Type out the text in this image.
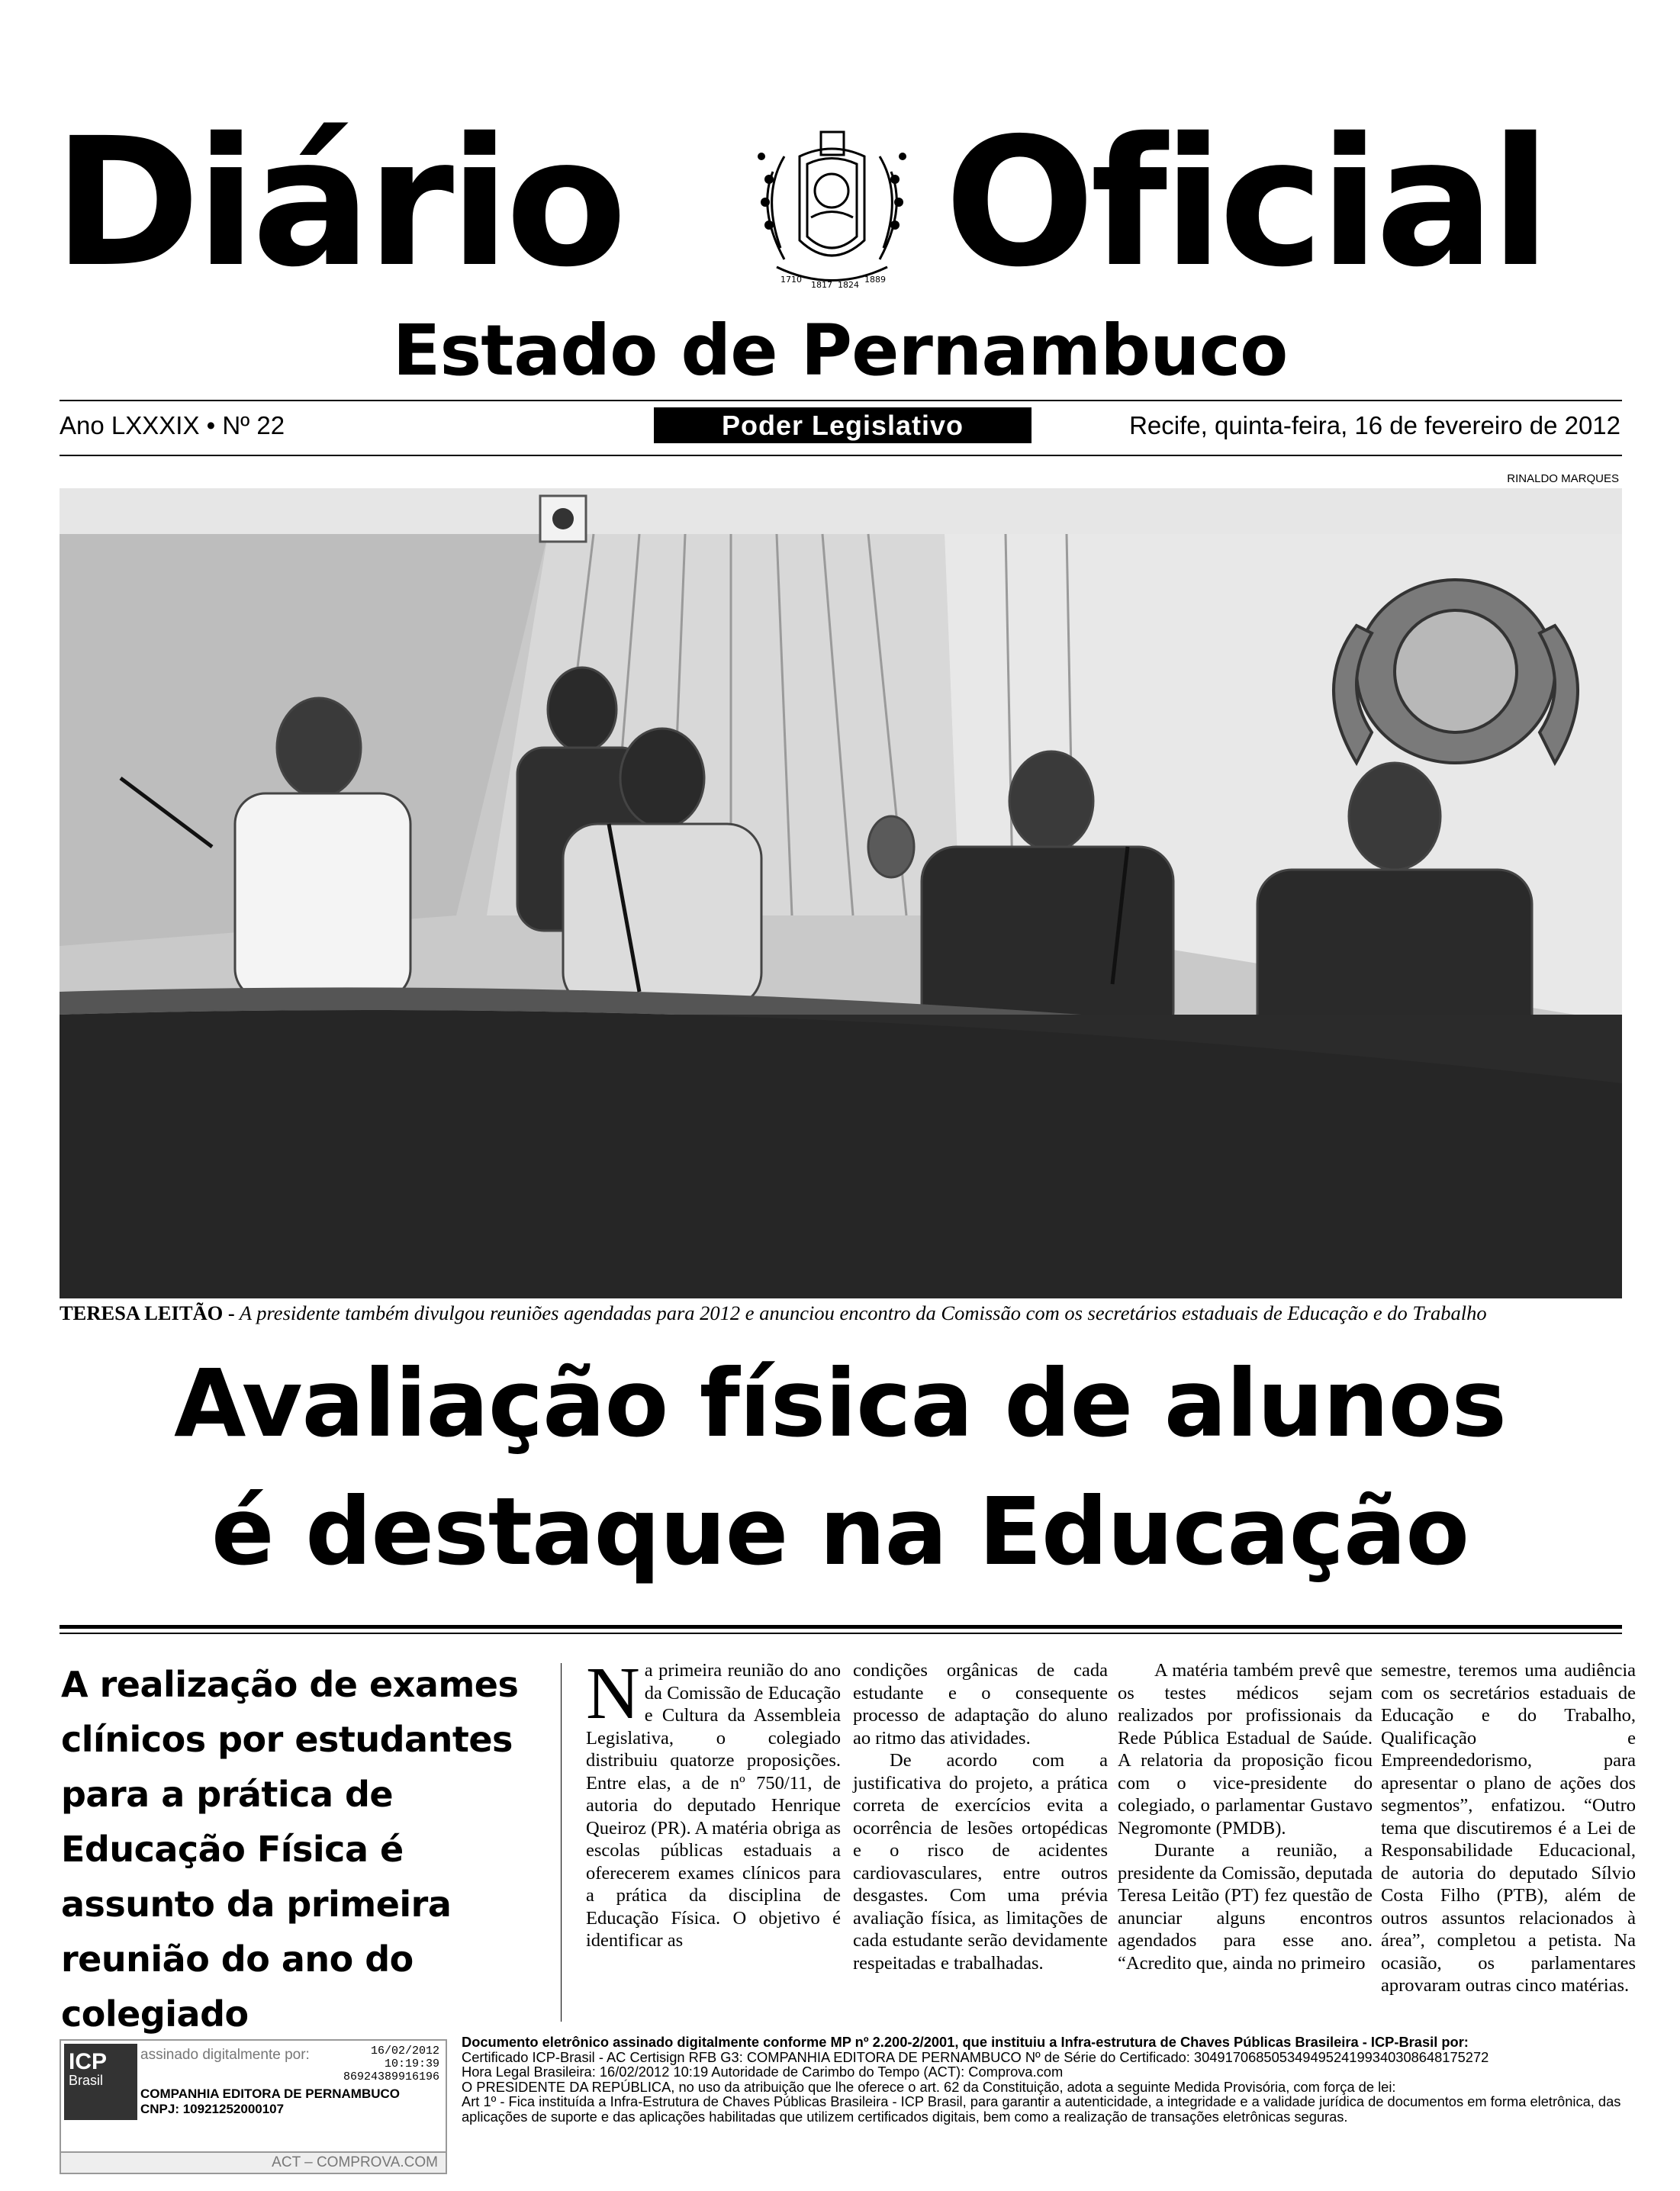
Diário	1710
1817 1824
1889 Oficial
Estado de Pernambuco
Ano LXXXIX • Nº 22	Poder Legislativo	Recife, quinta-feira, 16 de fevereiro de 2012
RINALDO MARQUES
TERESA LEITÃO - A presidente também divulgou reuniões agendadas para 2012 e anunciou encontro da Comissão com os secretários estaduais de Educação e do Trabalho
Avaliação física de alunos
é destaque na Educação
A realização de exames clínicos por estudantes para a prática de Educação Física é assunto da primeira reunião do ano do colegiado
N a primeira reunião do ano da Comissão de Educação e Cultura da Assembleia Legislativa, o colegiado distribuiu quatorze proposições. Entre elas, a de nº 750/11, de autoria do deputado Henrique Queiroz (PR). A matéria obriga as escolas públicas estaduais a oferecerem exames clínicos para a prática da disciplina de Educação Física. O objetivo é identificar as

condições orgânicas de cada estudante e o consequente processo de adaptação do aluno ao ritmo das atividades.

De acordo com a justificativa do projeto, a prática correta de exercícios evita a ocorrência de lesões ortopédicas e o risco de acidentes cardiovasculares, entre outros desgastes. Com uma prévia avaliação física, as limitações de cada estudante serão devidamente respeitadas e trabalhadas.

A matéria também prevê que os testes médicos sejam realizados por profissionais da Rede Pública Estadual de Saúde. A relatoria da proposição ficou com o vice-presidente do colegiado, o parlamentar Gustavo Negromonte (PMDB).

Durante a reunião, a presidente da Comissão, deputada Teresa Leitão (PT) fez questão de anunciar alguns encontros agendados para esse ano. “Acredito que, ainda no primeiro

semestre, teremos uma audiência com os secretários estaduais de Educação e do Trabalho, Qualificação e Empreendedorismo, para apresentar o plano de ações dos segmentos”, enfatizou. “Outro tema que discutiremos é a Lei de Responsabilidade Educacional, de autoria do deputado Sílvio Costa Filho (PTB), além de outros assuntos relacionados à área”, completou a petista. Na ocasião, os parlamentares aprovaram outras cinco matérias.

ICP
Brasil
assinado digitalmente por:	16/02/2012
10:19:39
86924389916196
COMPANHIA EDITORA DE PERNAMBUCO
CNPJ: 10921252000107
ACT – COMPROVA.COM
Documento eletrônico assinado digitalmente conforme MP nº 2.200-2/2001, que instituiu a Infra-estrutura de Chaves Públicas Brasileira - ICP-Brasil por:
Certificado ICP-Brasil - AC Certisign RFB G3: COMPANHIA EDITORA DE PERNAMBUCO Nº de Série do Certificado: 30491706850534949524199340308648175272
Hora Legal Brasileira: 16/02/2012 10:19 Autoridade de Carimbo do Tempo (ACT): Comprova.com
O PRESIDENTE DA REPÚBLICA, no uso da atribuição que lhe oferece o art. 62 da Constituição, adota a seguinte Medida Provisória, com força de lei:
Art 1º - Fica instituída a Infra-Estrutura de Chaves Públicas Brasileira - ICP Brasil, para garantir a autenticidade, a integridade e a validade jurídica de documentos em forma eletrônica, das aplicações de suporte e das aplicações habilitadas que utilizem certificados digitais, bem como a realização de transações eletrônicas seguras.
